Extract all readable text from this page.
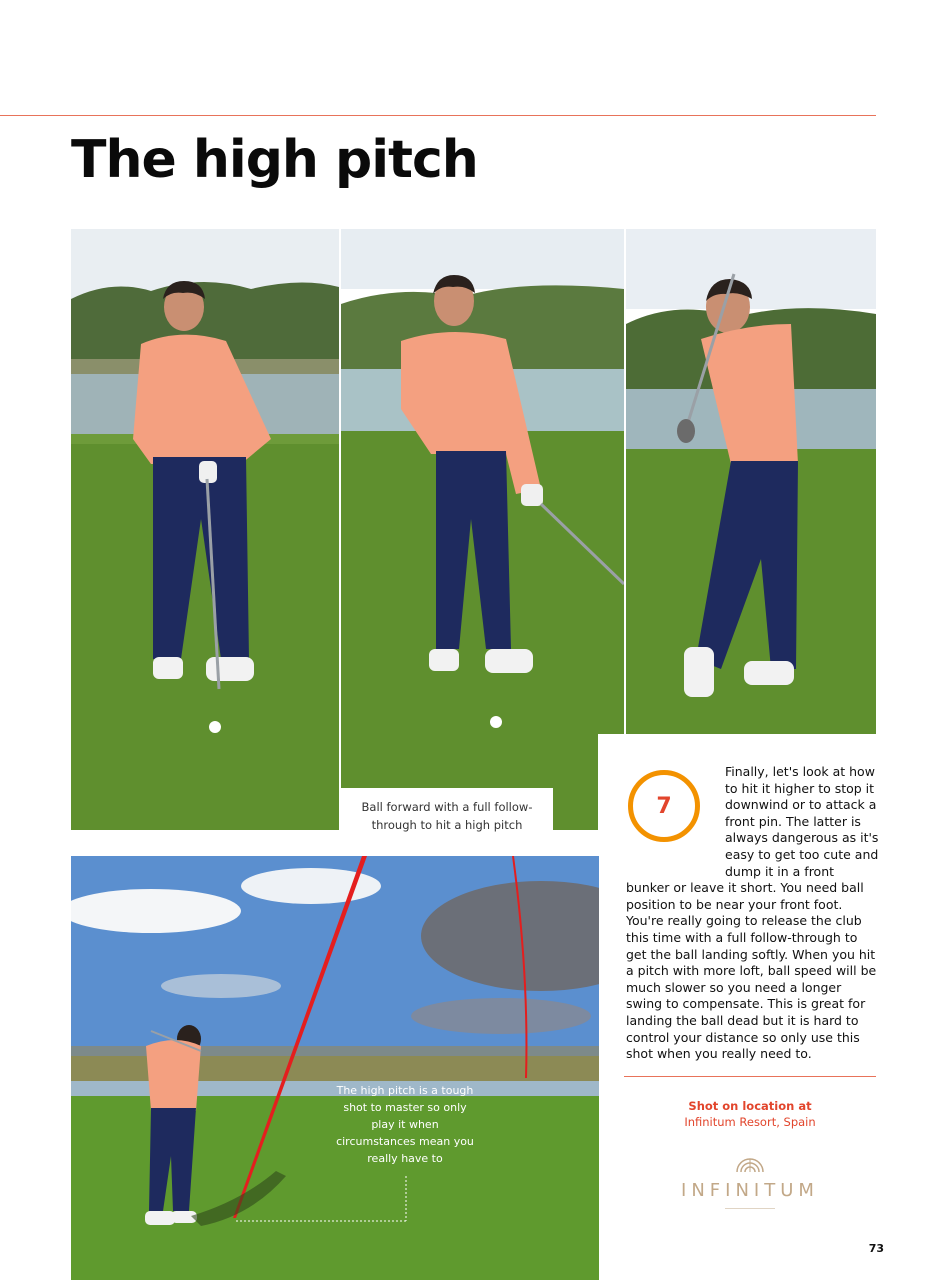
The high pitch
Ball forward with a full follow-through to hit a high pitch
The high pitch is a tough shot to master so only play it when circumstances mean you really have to
Finally, let's look at how to hit it higher to stop it downwind or to attack a front pin. The latter is always dangerous as it's easy to get too cute and dump it in a front bunker or leave it short. You need ball position to be near your front foot. You're really going to release the club this time with a full follow-through to get the ball landing softly. When you hit a pitch with more loft, ball speed will be much slower so you need a longer swing to compensate. This is great for landing the ball dead but it is hard to control your distance so only use this shot when you really need to.
7
Shot on location at
Infinitum Resort, Spain
INFINITUM
73
